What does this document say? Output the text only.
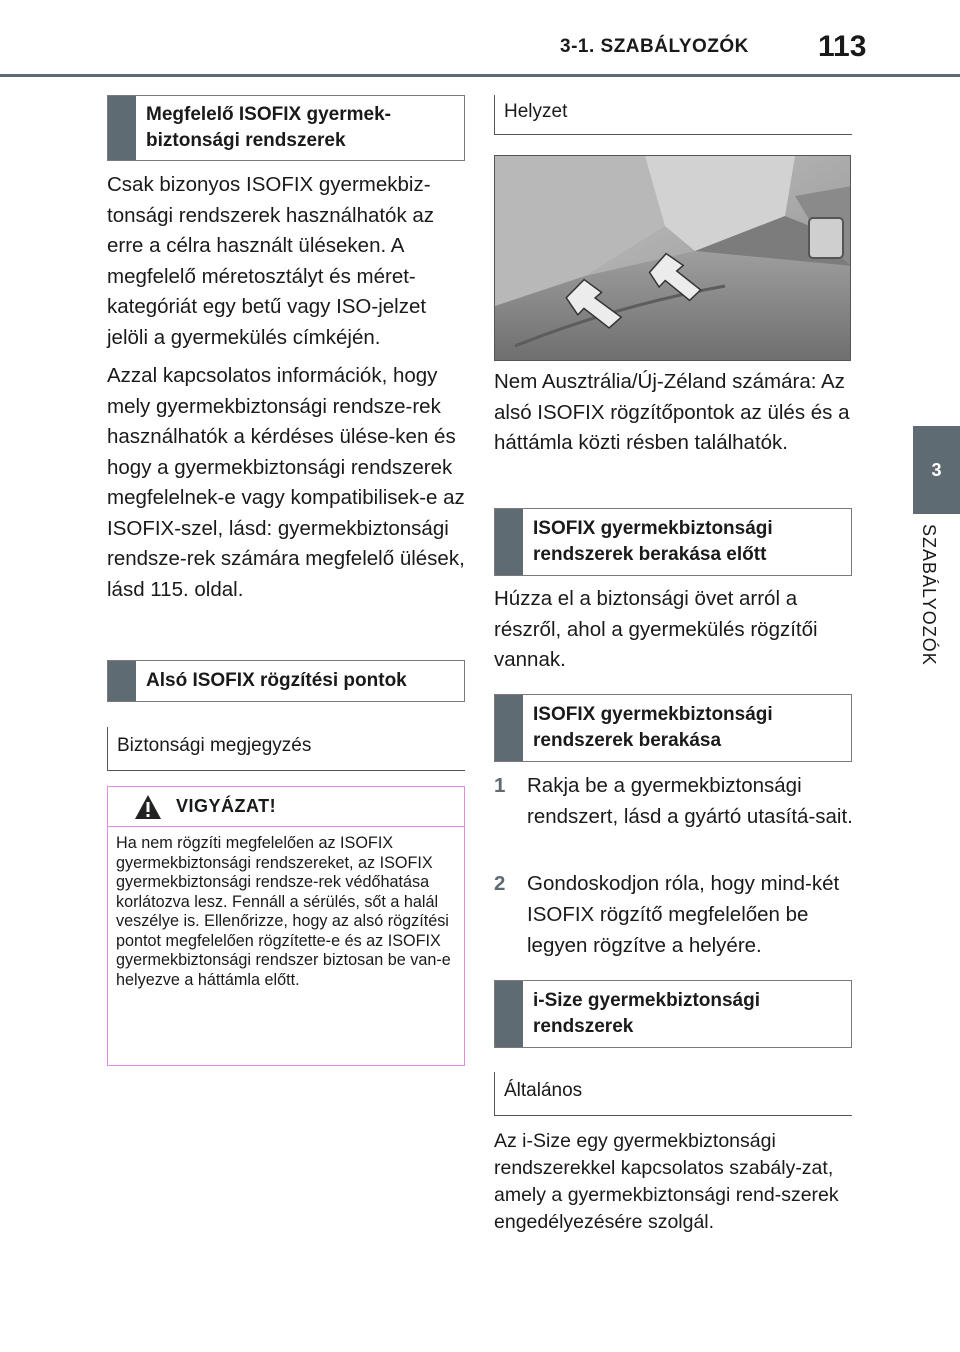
3-1. SZABÁLYOZÓK 113
3
SZABÁLYOZÓK
Megfelelő ISOFIX gyermek-biztonsági rendszerek

Csak bizonyos ISOFIX gyermekbiz-tonsági rendszerek használhatók az erre a célra használt üléseken. A megfelelő méretosztályt és méret-kategóriát egy betű vagy ISO-jelzet jelöli a gyermekülés címkéjén.

Azzal kapcsolatos információk, hogy mely gyermekbiztonsági rendsze-rek használhatók a kérdéses ülése-ken és hogy a gyermekbiztonsági rendszerek megfelelnek-e vagy kompatibilisek-e az ISOFIX-szel, lásd: gyermekbiztonsági rendsze-rek számára megfelelő ülések, lásd 115. oldal.

Alsó ISOFIX rögzítési pontok
Biztonsági megjegyzés
VIGYÁZAT!
Ha nem rögzíti megfelelően az ISOFIX gyermekbiztonsági rendszereket, az ISOFIX gyermekbiztonsági rendsze-rek védőhatása korlátozva lesz. Fennáll a sérülés, sőt a halál veszélye is. Ellenőrizze, hogy az alsó rögzítési pontot megfelelően rögzítette-e és az ISOFIX gyermekbiztonsági rendszer biztosan be van-e helyezve a háttámla előtt.
Helyzet

Nem Ausztrália/Új-Zéland számára: Az alsó ISOFIX rögzítőpontok az ülés és a háttámla közti résben találhatók.

ISOFIX gyermekbiztonsági rendszerek berakása előtt

Húzza el a biztonsági övet arról a részről, ahol a gyermekülés rögzítői vannak.

ISOFIX gyermekbiztonsági rendszerek berakása
1 Rakja be a gyermekbiztonsági rendszert, lásd a gyártó utasítá-sait.
2 Gondoskodjon róla, hogy mind-két ISOFIX rögzítő megfelelően be legyen rögzítve a helyére.
i-Size gyermekbiztonsági rendszerek
Általános

Az i-Size egy gyermekbiztonsági rendszerekkel kapcsolatos szabály-zat, amely a gyermekbiztonsági rend-szerek engedélyezésére szolgál.
